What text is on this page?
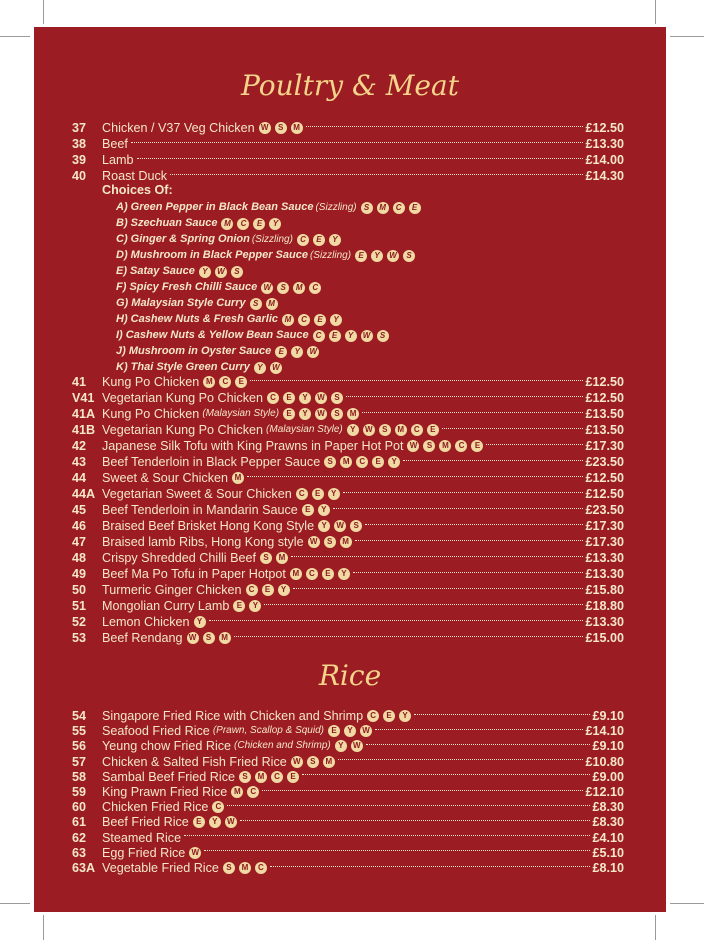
Poultry & Meat
37	Chicken / V37 Veg Chicken W	S	M	£12.50
38	Beef	£13.30
39	Lamb	£14.00
40	Roast Duck	£14.30
Choices Of:
A) Green Pepper in Black Bean Sauce (Sizzling) S	M	C	E
B) Szechuan Sauce M	C	E	Y
C) Ginger & Spring Onion (Sizzling) C	E	Y
D) Mushroom in Black Pepper Sauce (Sizzling) E	Y	W	S
E) Satay Sauce Y	W	S
F) Spicy Fresh Chilli Sauce W	S	M	C
G) Malaysian Style Curry S	M
H) Cashew Nuts & Fresh Garlic M	C	E	Y
I) Cashew Nuts & Yellow Bean Sauce C	E	Y	W	S
J) Mushroom in Oyster Sauce E	Y	W
K) Thai Style Green Curry Y	W
41	Kung Po Chicken M	C	E	£12.50
V41 Vegetarian Kung Po Chicken C	E	Y	W	S	£12.50
41A Kung Po Chicken (Malaysian Style) E	Y	W	S	M	£13.50
41B Vegetarian Kung Po Chicken (Malaysian Style) Y	W	S	M	C	E	£13.50
42	Japanese Silk Tofu with King Prawns in Paper Hot Pot W	S	M	C	E	£17.30
43	Beef Tenderloin in Black Pepper Sauce S	M	C	E	Y	£23.50
44	Sweet & Sour Chicken M	£12.50
44A Vegetarian Sweet & Sour Chicken C	E	Y	£12.50
45	Beef Tenderloin in Mandarin Sauce E	Y	£23.50
46	Braised Beef Brisket Hong Kong Style Y	W	S	£17.30
47	Braised lamb Ribs, Hong Kong style W	S	M	£17.30
48	Crispy Shredded Chilli Beef S	M	£13.30
49	Beef Ma Po Tofu in Paper Hotpot M	C	E	Y	£13.30
50	Turmeric Ginger Chicken C	E	Y	£15.80
51	Mongolian Curry Lamb E	Y	£18.80
52	Lemon Chicken Y	£13.30
53	Beef Rendang W	S	M	£15.00
Rice
54	Singapore Fried Rice with Chicken and Shrimp C	E	Y	£9.10
55	Seafood Fried Rice (Prawn, Scallop & Squid) E	Y	W	£14.10
56	Yeung chow Fried Rice (Chicken and Shrimp) Y	W	£9.10
57	Chicken & Salted Fish Fried Rice W	S	M	£10.80
58	Sambal Beef Fried Rice S	M	C	E	£9.00
59	King Prawn Fried Rice M	C	£12.10
60	Chicken Fried Rice C	£8.30
61	Beef Fried Rice E	Y	W	£8.30
62	Steamed Rice	£4.10
63	Egg Fried Rice W	£5.10
63A Vegetable Fried Rice S	M	C	£8.10
